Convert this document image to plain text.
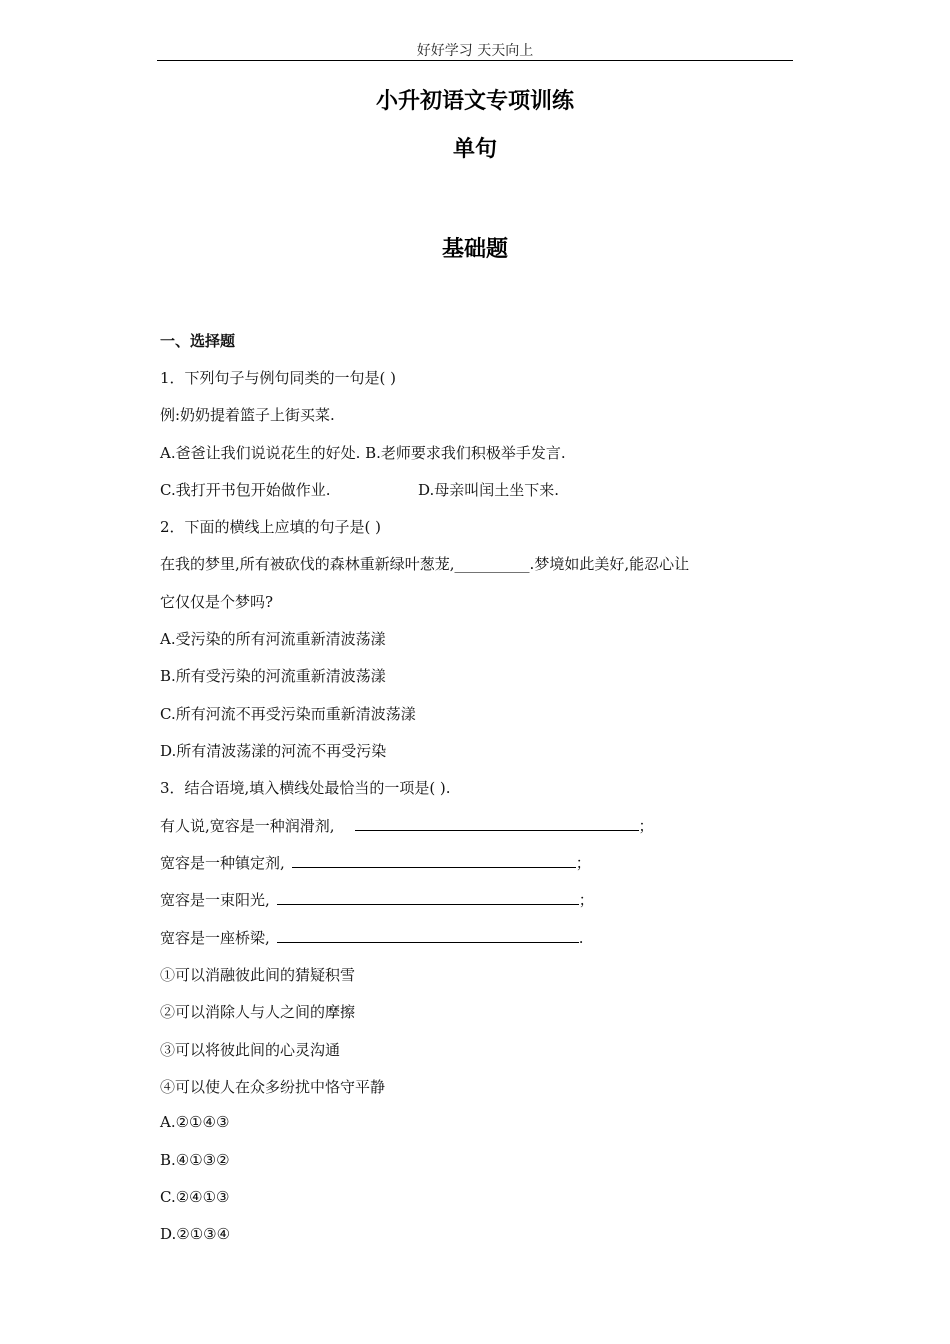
好好学习 天天向上
小升初语文专项训练
单句
基础题
一、选择题
1．下列句子与例句同类的一句是( )
例:奶奶提着篮子上街买菜.
A.爸爸让我们说说花生的好处. B.老师要求我们积极举手发言.
C.我打开书包开始做作业.	D.母亲叫闰土坐下来.
2．下面的横线上应填的句子是( )
在我的梦里,所有被砍伐的森林重新绿叶葱茏,__________.梦境如此美好,能忍心让
它仅仅是个梦吗?
A.受污染的所有河流重新清波荡漾
B.所有受污染的河流重新清波荡漾
C.所有河流不再受污染而重新清波荡漾
D.所有清波荡漾的河流不再受污染
3．结合语境,填入横线处最恰当的一项是( ).
有人说,宽容是一种润滑剂,	；
宽容是一种镇定剂,	；
宽容是一束阳光,	；
宽容是一座桥梁,	.
①可以消融彼此间的猜疑积雪
②可以消除人与人之间的摩擦
③可以将彼此间的心灵沟通
④可以使人在众多纷扰中恪守平静
A.②①④③
B.④①③②
C.②④①③
D.②①③④
